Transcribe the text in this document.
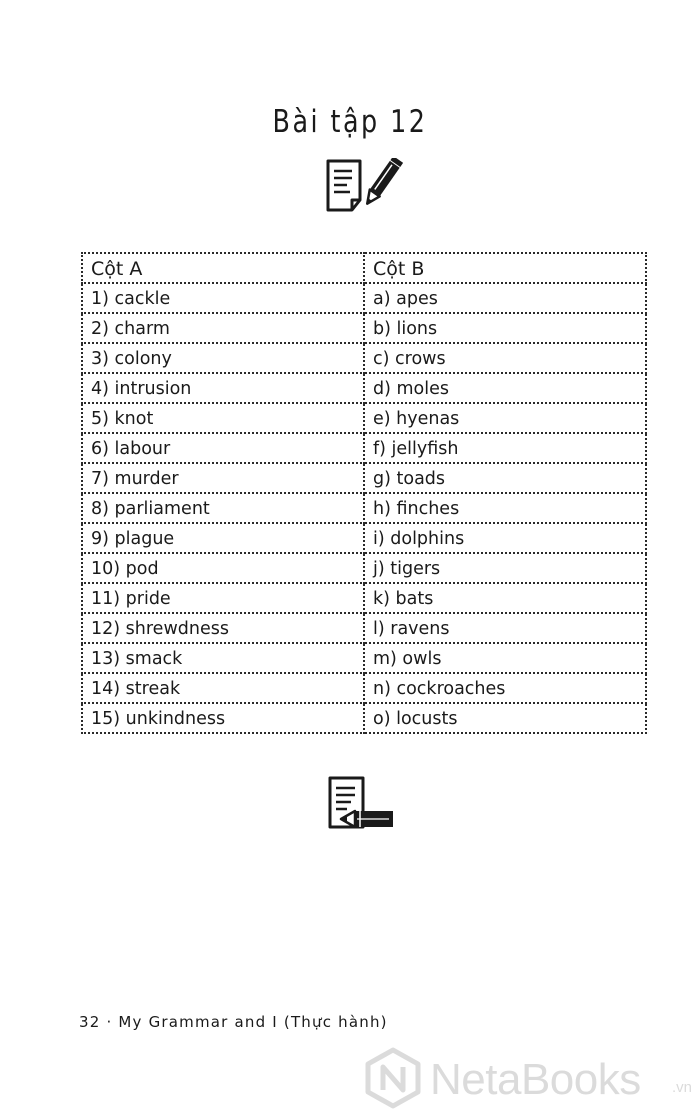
Bài tập 12
Cột A	Cột B
1) cackle	a) apes
2) charm	b) lions
3) colony	c) crows
4) intrusion	d) moles
5) knot	e) hyenas
6) labour	f) jellyfish
7) murder	g) toads
8) parliament	h) finches
9) plague	i) dolphins
10) pod	j) tigers
11) pride	k) bats
12) shrewdness	l) ravens
13) smack	m) owls
14) streak	n) cockroaches
15) unkindness	o) locusts
32 · My Grammar and I (Thực hành)
NetaBooks .vn
